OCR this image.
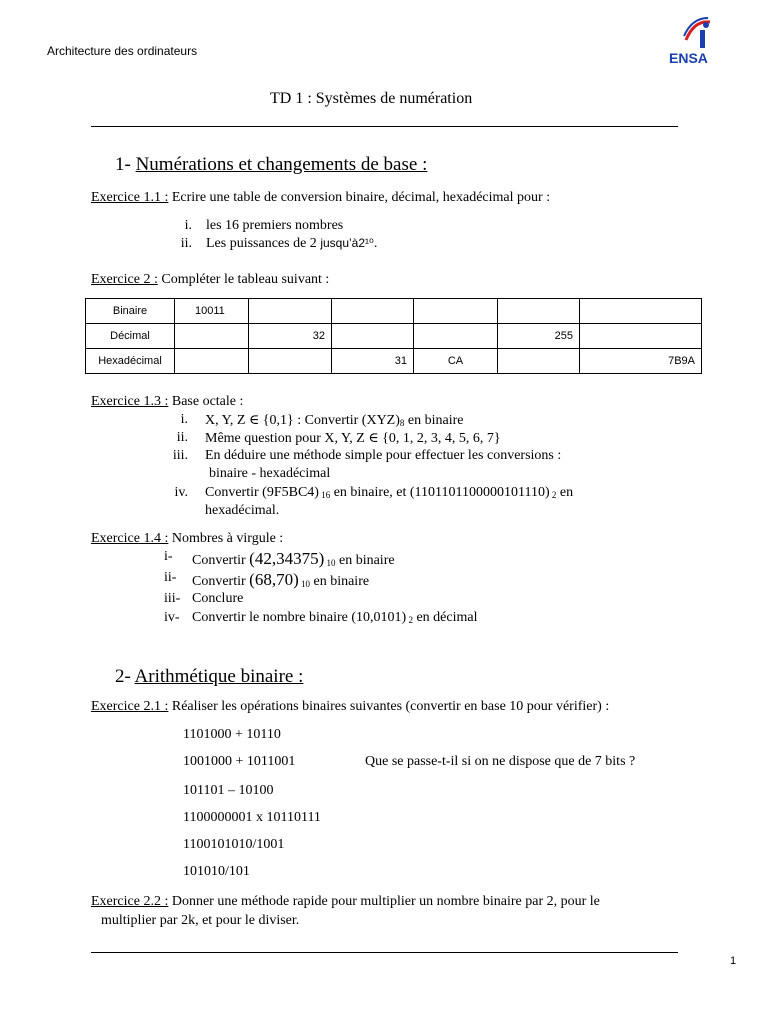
Architecture des ordinateurs	ENSA
TD 1 : Systèmes de numération
1- Numérations et changements de base :
Exercice 1.1 : Ecrire une table de conversion binaire, décimal, hexadécimal pour :
i. les 16 premiers nombres
ii. Les puissances de 2 jusqu’à2¹⁰.
Exercice 2 : Compléter le tableau suivant :
Binaire	10011					
Décimal		32			255	
Hexadécimal			31	CA		7B9A
Exercice 1.3 : Base octale :
i. X, Y, Z ∈ {0,1} : Convertir $(XYZ)_8$ en binaire
ii. Même question pour X, Y, Z ∈ {0, 1, 2, 3, 4, 5, 6, 7}
iii. En déduire une méthode simple pour effectuer les conversions :
binaire - hexadécimal
iv. Convertir (9F5BC4) $_{16}$ en binaire, et (1101101100000101110) $_2$ en
hexadécimal.
Exercice 1.4 : Nombres à virgule :
i- Convertir (42,34375) $_{10}$ en binaire
ii- Convertir (68,70) $_{10}$ en binaire
iii- Conclure
iv- Convertir le nombre binaire (10,0101) $_2$ en décimal
2- Arithmétique binaire :
Exercice 2.1 : Réaliser les opérations binaires suivantes (convertir en base 10 pour vérifier) :
1101000 + 10110
1001000 + 1011001	Que se passe-t-il si on ne dispose que de 7 bits ?
101101 – 10100
1100000001 x 10110111
1100101010/1001
101010/101
Exercice 2.2 : Donner une méthode rapide pour multiplier un nombre binaire par 2, pour le
multiplier par 2k, et pour le diviser.
1
